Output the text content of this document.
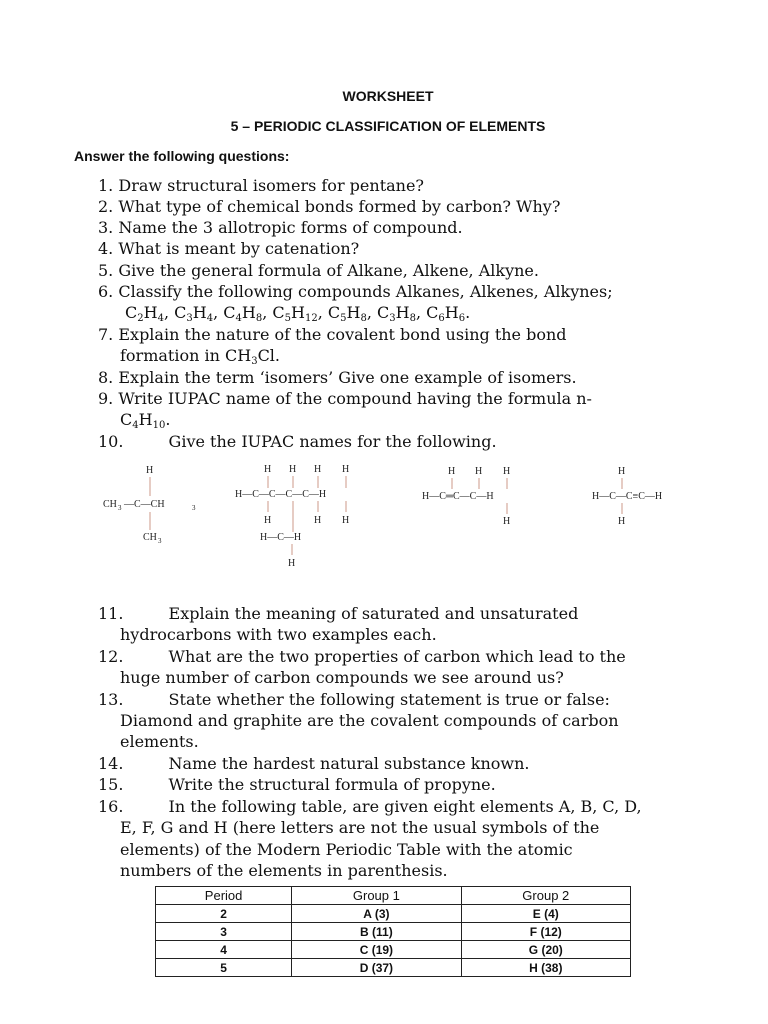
WORKSHEET
5 – PERIODIC CLASSIFICATION OF ELEMENTS
Answer the following questions:
1. Draw structural isomers for pentane?
2. What type of chemical bonds formed by carbon? Why?
3. Name the 3 allotropic forms of compound.
4. What is meant by catenation?
5. Give the general formula of Alkane, Alkene, Alkyne.
6. Classify the following compounds Alkanes, Alkenes, Alkynes;
$C_2H_4$, $C_3H_4$, $C_4H_8$, $C_5H_{12}$, $C_5H_8$, $C_3H_8$, $C_6H_6$.
7. Explain the nature of the covalent bond using the bond
formation in $CH_3Cl$.
8. Explain the term ‘isomers’ Give one example of isomers.
9. Write IUPAC name of the compound having the formula n-
$C_4H_{10}$.
10.	Give the IUPAC names for the following.
H
CH 3 —C—CH	3
CH 3
H H H H
H—C—C—C—C—H
H	H H
H—C—H
H
H H H
H—C═C—C—H
H
H
H—C—C≡C—H
H
11.	Explain the meaning of saturated and unsaturated
hydrocarbons with two examples each.
12.	What are the two properties of carbon which lead to the
huge number of carbon compounds we see around us?
13.	State whether the following statement is true or false:
Diamond and graphite are the covalent compounds of carbon
elements.
14.	Name the hardest natural substance known.
15.	Write the structural formula of propyne.
16.	In the following table, are given eight elements A, B, C, D,
E, F, G and H (here letters are not the usual symbols of the
elements) of the Modern Periodic Table with the atomic
numbers of the elements in parenthesis.
Period	Group 1	Group 2
2	A (3)	E (4)
3	B (11)	F (12)
4	C (19)	G (20)
5	D (37)	H (38)
